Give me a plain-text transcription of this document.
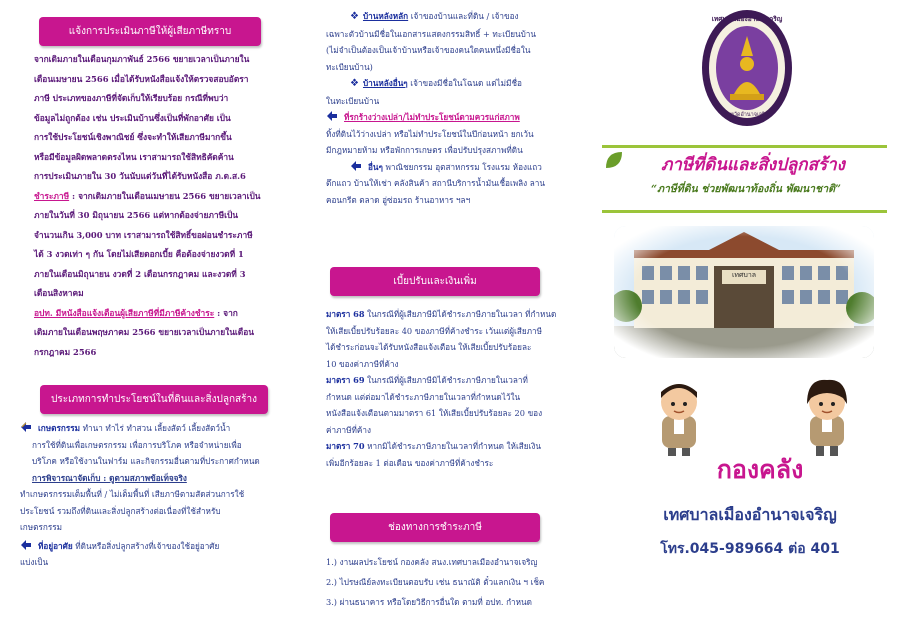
แจ้งการประเมินภาษีให้ผู้เสียภาษีทราบ

จากเดิมภายในเดือนกุมภาพันธ์ 2566 ขยายเวลาเป็นภายใน

เดือนเมษายน 2566 เมื่อได้รับหนังสือแจ้งให้ตรวจสอบอัตรา

ภาษี ประเภทของภาษีที่จัดเก็บให้เรียบร้อย กรณีที่พบว่า

ข้อมูลไม่ถูกต้อง เช่น ประเมินบ้านซึ่งเป็นที่พักอาศัย เป็น

การใช้ประโยชน์เชิงพาณิชย์ ซึ่งจะทำให้เสียภาษีมากขึ้น

หรือมีข้อมูลผิดพลาดตรงไหน เราสามารถใช้สิทธิคัดค้าน

การประเมินภายใน 30 วันนับแต่วันที่ได้รับหนังสือ ภ.ด.ส.6

ชำระภาษี : จากเดิมภายในเดือนเมษายน 2566 ขยายเวลาเป็น

ภายในวันที่ 30 มิถุนายน 2566 แต่หากต้องจ่ายภาษีเป็น

จำนวนเกิน 3,000 บาท เราสามารถใช้สิทธิ์ขอผ่อนชำระภาษี

ได้ 3 งวดเท่า ๆ กัน โดยไม่เสียดอกเบี้ย คือต้องจ่ายงวดที่ 1

ภายในเดือนมิถุนายน งวดที่ 2 เดือนกรกฎาคม และงวดที่ 3

เดือนสิงหาคม

อปท. มีหนังสือแจ้งเตือนผู้เสียภาษีที่มีภาษีค้างชำระ : จาก

เดิมภายในเดือนพฤษภาคม 2566 ขยายเวลาเป็นภายในเดือน

กรกฎาคม 2566

ประเภทการทำประโยชน์ในที่ดินและสิ่งปลูกสร้าง

เกษตรกรรม ทำนา ทำไร่ ทำสวน เลี้ยงสัตว์ เลี้ยงสัตว์น้ำ

การใช้ที่ดินเพื่อเกษตรกรรม เพื่อการบริโภค หรือจำหน่ายเพื่อ

บริโภค หรือใช้งานในฟาร์ม และกิจกรรมอื่นตามที่ประกาศกำหนด

การพิจารณาจัดเก็บ : ดูตามสภาพข้อเท็จจริง

ทำเกษตรกรรมเต็มพื้นที่ / ไม่เต็มพื้นที่ เสียภาษีตามสัดส่วนการใช้

ประโยชน์ รวมถึงที่ดินและสิ่งปลูกสร้างต่อเนื่องที่ใช้สำหรับ

เกษตรกรรม

ที่อยู่อาศัย ที่ดินหรือสิ่งปลูกสร้างที่เจ้าของใช้อยู่อาศัย

แบ่งเป็น

❖ บ้านหลังหลัก เจ้าของบ้านและที่ดิน / เจ้าของ

เฉพาะตัวบ้านมีชื่อในเอกสารแสดงกรรมสิทธิ์ + ทะเบียนบ้าน

(ไม่จำเป็นต้องเป็นเจ้าบ้านหรือเจ้าของคนใดคนหนึ่งมีชื่อใน

ทะเบียนบ้าน)

❖ บ้านหลังอื่นๆ เจ้าของมีชื่อในโฉนด แต่ไม่มีชื่อ

ในทะเบียนบ้าน

ที่รกร้างว่างเปล่า/ไม่ทำประโยชน์ตามควรแก่สภาพ

ทิ้งที่ดินไว้ว่างเปล่า หรือไม่ทำประโยชน์ในปีก่อนหน้า ยกเว้น

มีกฎหมายห้าม หรือพักการเกษตร เพื่อปรับปรุงสภาพที่ดิน

อื่นๆ พาณิชยกรรม อุตสาหกรรม โรงแรม ห้องแถว

ตึกแถว บ้านให้เช่า คลังสินค้า สถานีบริการน้ำมันเชื้อเพลิง ลาน

คอนกรีต ตลาด อู่ซ่อมรถ ร้านอาหาร ฯลฯ

เบี้ยปรับและเงินเพิ่ม

มาตรา 68 ในกรณีที่ผู้เสียภาษีมิได้ชำระภาษีภายในเวลา ที่กำหนด

ให้เสียเบี้ยปรับร้อยละ 40 ของภาษีที่ค้างชำระ เว้นแต่ผู้เสียภาษี

ได้ชำระก่อนจะได้รับหนังสือแจ้งเตือน ให้เสียเบี้ยปรับร้อยละ

10 ของค่าภาษีที่ค้าง

มาตรา 69 ในกรณีที่ผู้เสียภาษีมิได้ชำระภาษีภายในเวลาที่

กำหนด แต่ต่อมาได้ชำระภาษีภายในเวลาที่กำหนดไว้ใน

หนังสือแจ้งเตือนตามมาตรา 61 ให้เสียเบี้ยปรับร้อยละ 20 ของ

ค่าภาษีที่ค้าง

มาตรา 70 หากมิได้ชำระภาษีภายในเวลาที่กำหนด ให้เสียเงิน

เพิ่มอีกร้อยละ 1 ต่อเดือน ของค่าภาษีที่ค้างชำระ

ช่องทางการชำระภาษี

1.) งานผลประโยชน์ กองคลัง สนง.เทศบาลเมืองอำนาจเจริญ

2.) ไปรษณีย์ลงทะเบียนตอบรับ เช่น ธนาณัติ ตั๋วแลกเงิน ฯ เช็ค

3.) ผ่านธนาคาร หรือโดยวิธีการอื่นใด ตามที่ อปท. กำหนด

เทศบาลเมืองอำนาจเจริญ
จังหวัดอำนาจเจริญ
ภาษีที่ดินและสิ่งปลูกสร้าง
“ภาษีที่ดิน ช่วยพัฒนาท้องถิ่น พัฒนาชาติ”
เทศบาล
กองคลัง
เทศบาลเมืองอำนาจเจริญ
โทร.045-989664 ต่อ 401
